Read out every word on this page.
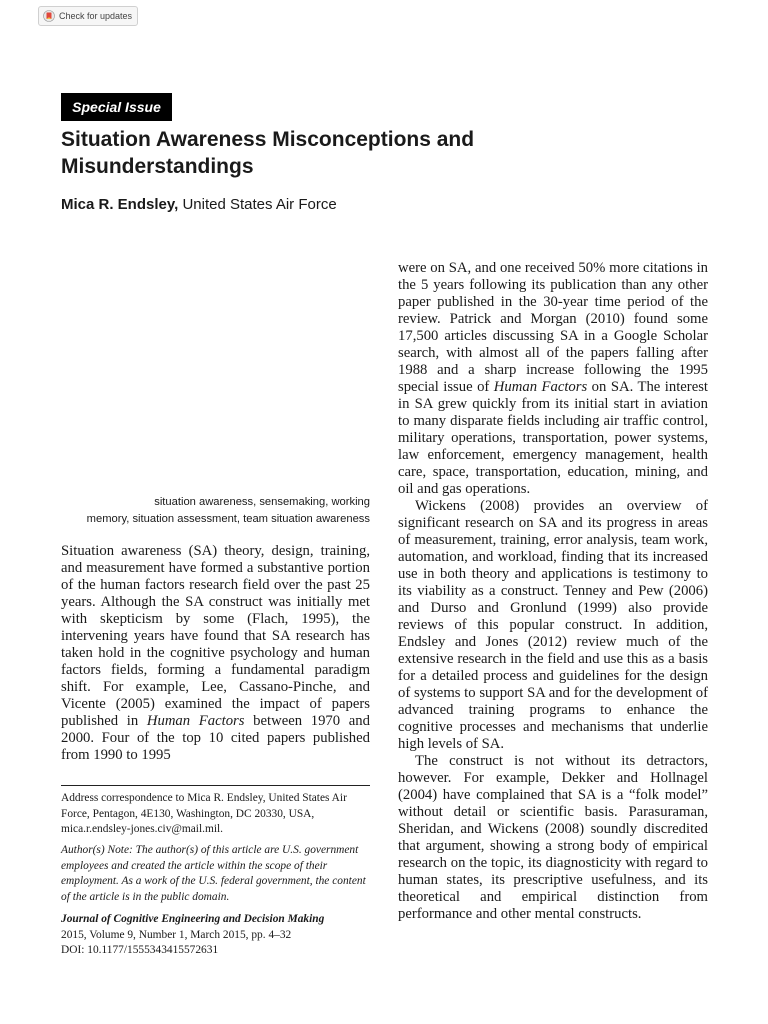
Check for updates
Special Issue
Situation Awareness Misconceptions and Misunderstandings
Mica R. Endsley, United States Air Force
situation awareness, sensemaking, working
memory, situation assessment, team situation awareness

Situation awareness (SA) theory, design, training, and measurement have formed a substantive portion of the human factors research field over the past 25 years. Although the SA construct was initially met with skepticism by some (Flach, 1995), the intervening years have found that SA research has taken hold in the cognitive psychology and human factors fields, forming a fundamental paradigm shift. For example, Lee, Cassano-Pinche, and Vicente (2005) examined the impact of papers published in Human Factors between 1970 and 2000. Four of the top 10 cited papers published from 1990 to 1995

Address correspondence to Mica R. Endsley, United States Air Force, Pentagon, 4E130, Washington, DC 20330, USA, mica.r.endsley-jones.civ@mail.mil.

Author(s) Note: The author(s) of this article are U.S. government employees and created the article within the scope of their employment. As a work of the U.S. federal government, the content of the article is in the public domain.

Journal of Cognitive Engineering and Decision Making
2015, Volume 9, Number 1, March 2015, pp. 4–32
DOI: 10.1177/1555343415572631

were on SA, and one received 50% more citations in the 5 years following its publication than any other paper published in the 30-year time period of the review. Patrick and Morgan (2010) found some 17,500 articles discussing SA in a Google Scholar search, with almost all of the papers falling after 1988 and a sharp increase following the 1995 special issue of Human Factors on SA. The interest in SA grew quickly from its initial start in aviation to many disparate fields including air traffic control, military operations, transportation, power systems, law enforcement, emergency management, health care, space, transportation, education, mining, and oil and gas operations.

Wickens (2008) provides an overview of significant research on SA and its progress in areas of measurement, training, error analysis, team work, automation, and workload, finding that its increased use in both theory and applications is testimony to its viability as a construct. Tenney and Pew (2006) and Durso and Gronlund (1999) also provide reviews of this popular construct. In addition, Endsley and Jones (2012) review much of the extensive research in the field and use this as a basis for a detailed process and guidelines for the design of systems to support SA and for the development of advanced training programs to enhance the cognitive processes and mechanisms that underlie high levels of SA.

The construct is not without its detractors, however. For example, Dekker and Hollnagel (2004) have complained that SA is a “folk model” without detail or scientific basis. Parasuraman, Sheridan, and Wickens (2008) soundly discredited that argument, showing a strong body of empirical research on the topic, its diagnosticity with regard to human states, its prescriptive usefulness, and its theoretical and empirical distinction from performance and other mental constructs.
